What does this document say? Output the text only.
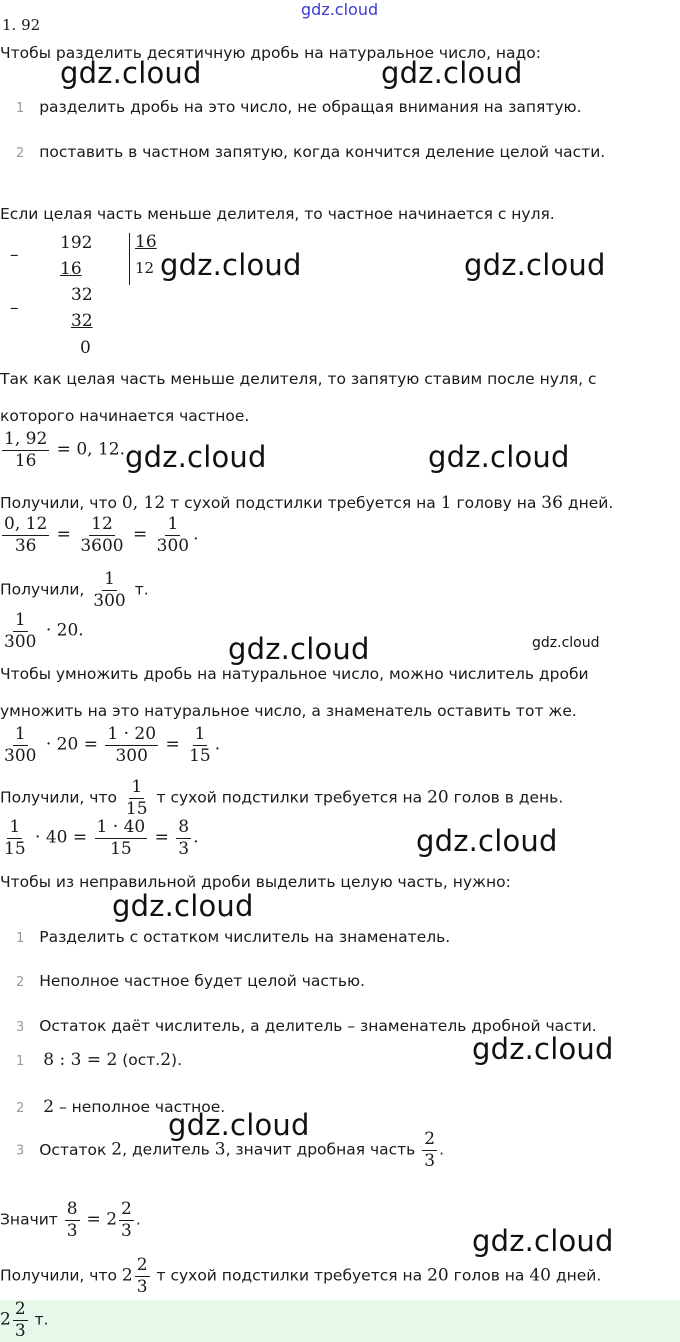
gdz.cloud
gdz.cloud	gdz.cloud
gdz.cloud	gdz.cloud
gdz.cloud	gdz.cloud
gdz.cloud	gdz.cloud
gdz.cloud
gdz.cloud
gdz.cloud
gdz.cloud
gdz.cloud
1. 92
Чтобы разделить десятичную дробь на натуральное число, надо:
1 разделить дробь на это число, не обращая внимания на запятую.
2 поставить в частном запятую, когда кончится деление целой части.
Если целая часть меньше делителя, то частное начинается с нуля.
–
192
16
–
32
32
0
16
12
Так как целая часть меньше делителя, то запятую ставим после нуля, с
которого начинается частное.
$\frac{1, 92}{16} = 0$, 12.
Получили, что 0, 12 т сухой подстилки требуется на 1 голову на 36 дней.
$\frac{0, 12}{36} = \frac{12}{3600} = \frac{1}{300}$ .
Получили, $\frac{1}{300} т$.
$\frac{1}{300} \cdot 20$.
Чтобы умножить дробь на натуральное число, можно числитель дроби
умножить на это натуральное число, а знаменатель оставить тот же.
$\frac{1}{300} \cdot 20 = \frac{1 \cdot 20}{300} = \frac{1}{15}$ .
Получили, что $\frac{1}{15}$ т сухой подстилки требуется на 20 голов в день.
$\frac{1}{15} \cdot 40 = \frac{1 \cdot 40}{15} = \frac{8}{3}$ .
Чтобы из неправильной дроби выделить целую часть, нужно:
1 Разделить с остатком числитель на знаменатель.
2 Неполное частное будет целой частью.
3 Остаток даёт числитель, а делитель – знаменатель дробной части.
1 8 : 3 = 2 (ост.2).
2 2 – неполное частное.
3 Остаток 2, делитель 3, значит дробная часть $\frac{2}{3}$ .
Значит $\frac{8}{3} = 2 \frac{2}{3}$ .
Получили, что $2 \frac{2}{3}$ т сухой подстилки требуется на 20 голов на 40 дней.
$2 \frac{2}{3} т$.
